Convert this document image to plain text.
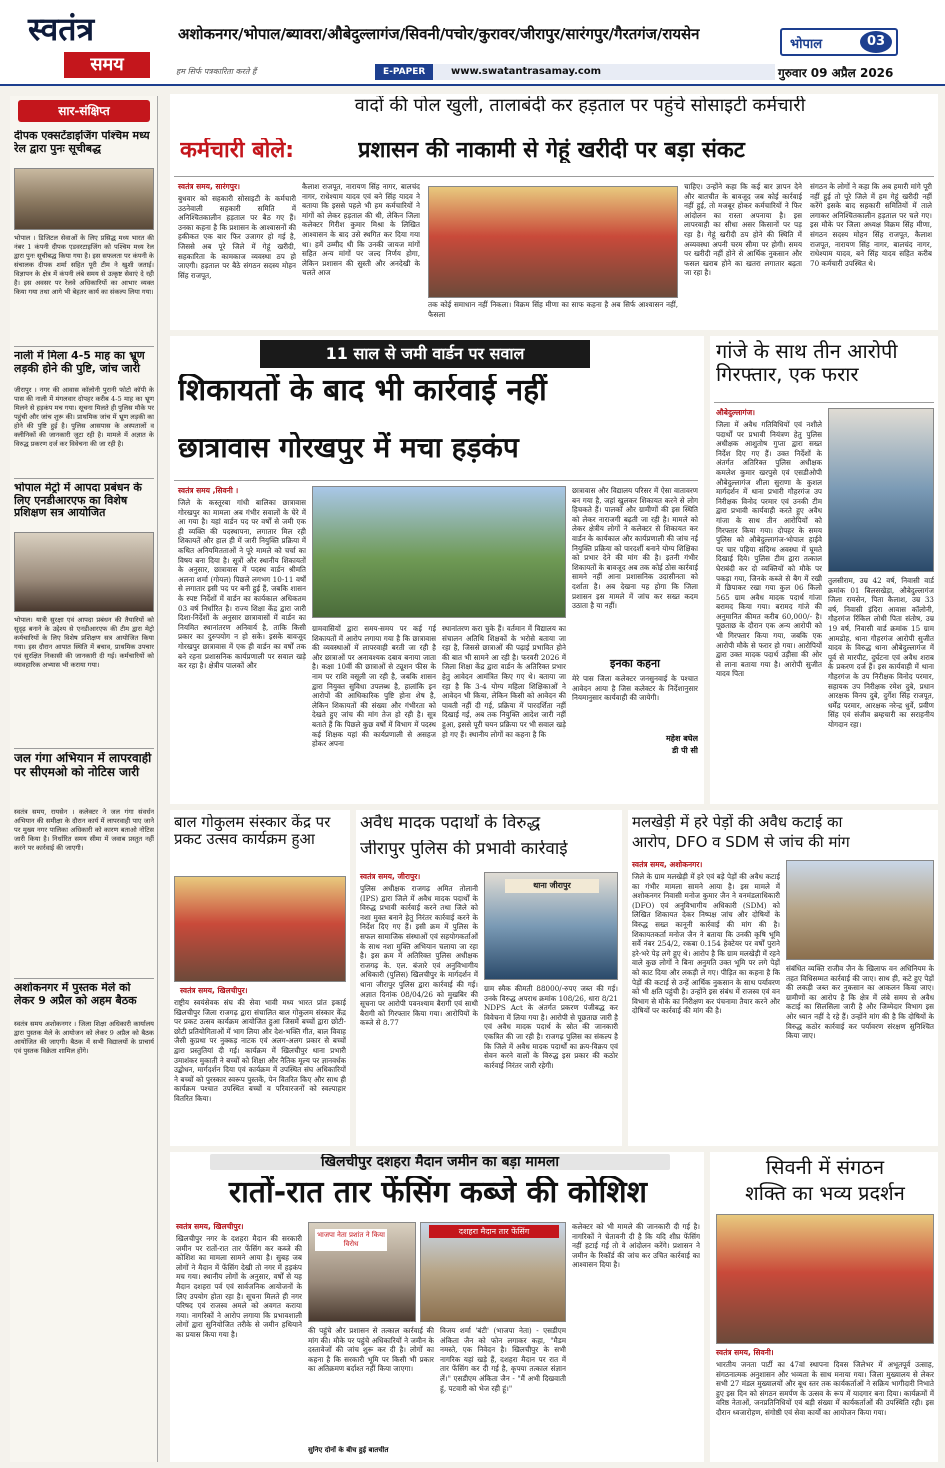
स्वतंत्र
समय	हम सिर्फ पत्रकारिता करते हैं
अशोकनगर/भोपाल/ब्यावरा/औबेदुल्लागंज/सिवनी/पचोर/कुरावर/जीरापुर/सारंगपुर/गैरतगंज/रायसेन
भोपाल	03
E-PAPER	www.swatantrasamay.com	गुरुवार 09 अप्रैल 2026
सार-संक्षिप्त
दीपक एक्सटेंडाइजिंग पश्चिम मध्य रेल द्वारा पुनः सूचीबद्ध
भोपाल । डिजिटल सेवाओं के लिए प्रसिद्ध मध्य भारत की नंबर 1 कंपनी दीपक एडवरटाइजिंग को पश्चिम मध्य रेल द्वारा पुनः सूचीबद्ध किया गया है। इस सफलता पर कंपनी के संचालक दीपक शर्मा सहित पूरी टीम ने खुशी जताई। विज्ञापन के क्षेत्र में कंपनी लंबे समय से उत्कृष्ट सेवाएं दे रही है। इस अवसर पर रेलवे अधिकारियों का आभार व्यक्त किया गया तथा आगे भी बेहतर कार्य का संकल्प लिया गया।
नाली में मिला 4-5 माह का भ्रूण लड़की होने की पुष्टि, जांच जारी
जीरापुर । नगर की आवास कॉलोनी पुरानी फोटो कॉपी के पास की नाली में मंगलवार दोपहर करीब 4-5 माह का भ्रूण मिलने से हड़कंप मच गया। सूचना मिलते ही पुलिस मौके पर पहुंची और जांच शुरू की। प्राथमिक जांच में भ्रूण लड़की का होने की पुष्टि हुई है। पुलिस आसपास के अस्पतालों व क्लीनिकों की जानकारी जुटा रही है। मामले में अज्ञात के विरुद्ध प्रकरण दर्ज कर विवेचना की जा रही है।
भोपाल मेट्रो में आपदा प्रबंधन के लिए एनडीआरएफ का विशेष प्रशिक्षण सत्र आयोजित
भोपाल। यात्री सुरक्षा एवं आपदा प्रबंधन की तैयारियों को सुदृढ़ बनाने के उद्देश्य से एनडीआरएफ की टीम द्वारा मेट्रो कर्मचारियों के लिए विशेष प्रशिक्षण सत्र आयोजित किया गया। इस दौरान आपात स्थिति में बचाव, प्राथमिक उपचार एवं सुरक्षित निकासी की जानकारी दी गई। कर्मचारियों को व्यावहारिक अभ्यास भी कराया गया।
जल गंगा अभियान में लापरवाही पर सीएमओ को नोटिस जारी
स्वतंत्र समय, रायसेन । कलेक्टर ने जल गंगा संवर्धन अभियान की समीक्षा के दौरान कार्य में लापरवाही पाए जाने पर मुख्य नगर पालिका अधिकारी को कारण बताओ नोटिस जारी किया है। निर्धारित समय सीमा में जवाब प्रस्तुत नहीं करने पर कार्रवाई की जाएगी।
अशोकनगर में पुस्तक मेले को लेकर 9 अप्रैल को अहम बैठक
स्वतंत्र समय अशोकनगर । जिला शिक्षा अधिकारी कार्यालय द्वारा पुस्तक मेले के आयोजन को लेकर 9 अप्रैल को बैठक आयोजित की जाएगी। बैठक में सभी विद्यालयों के प्राचार्य एवं पुस्तक विक्रेता शामिल होंगे।
वादों की पोल खुली, तालाबंदी कर हड़ताल पर पहुंचे सोसाइटी कर्मचारी
कर्मचारी बोले:	प्रशासन की नाकामी से गेहूं खरीदी पर बड़ा संकट
स्वतंत्र समय, सारंगपुर।
बुधवार को सहकारी सोसाइटी के कर्मचारी उठनेवाली सहकारी समिति में अनिश्चितकालीन हड़ताल पर बैठ गए हैं। उनका कहना है कि प्रशासन के आश्वासनों की हकीकत एक बार फिर उजागर हो गई है, जिससे अब पूरे जिले में गेहूं खरीदी, सहकारिता के कामकाज व्यवस्था ठप हो जाएगी। हड़ताल पर बैठे संगठन सदस्य मोहन सिंह राजपूत,
कैलाश राजपूत, नारायण सिंह नागर, बालचंद नागर, राधेश्याम यादव एवं बने सिंह यादव ने बताया कि इससे पहले भी हम कर्मचारियों ने मांगों को लेकर हड़ताल की थी, लेकिन जिला कलेक्टर गिरीश कुमार मिश्रा के लिखित आश्वासन के बाद उसे स्थगित कर दिया गया था। हमें उम्मीद थी कि उनकी जायज मांगों सहित अन्य मांगों पर जल्द निर्णय होगा, लेकिन प्रशासन की सुस्ती और अनदेखी के चलते आज
तक कोई समाधान नहीं निकला। विक्रम सिंह मीणा का साफ कहना है अब सिर्फ आश्वासन नहीं, फैसला
चाहिए। उन्होंने कहा कि कई बार ज्ञापन देने और बातचीत के बावजूद जब कोई कार्रवाई नहीं हुई, तो मजबूर होकर कर्मचारियों ने फिर आंदोलन का रास्ता अपनाया है। इस लापरवाही का सीधा असर किसानों पर पड़ रहा है। गेहूं खरीदी ठप होने की स्थिति में अव्यवस्था अपनी चरम सीमा पर होगी। समय पर खरीदी नहीं होने से आर्थिक नुकसान और फसल खराब होने का खतरा लगातार बढ़ता जा रहा है।
संगठन के लोगों ने कहा कि अब हमारी मांगे पूरी नहीं हुई तो पूरे जिले में हम गेहूं खरीदी नहीं करेंगे इसके बाद सहकारी समितियों में ताले लगाकर अनिश्चितकालीन हड़ताल पर चले गए। इस मौके पर जिला अध्यक्ष विक्रम सिंह मीणा, संगठन सदस्य मोहन सिंह राजपूत, कैलाश राजपूत, नारायण सिंह नागर, बालचंद नागर, राधेश्याम यादव, बने सिंह यादव सहित करीब 70 कर्मचारी उपस्थित थे।
11 साल से जमी वार्डन पर सवाल
शिकायतों के बाद भी कार्रवाई नहीं
छात्रावास गोरखपुर में मचा हड़कंप
स्वतंत्र समय ,सिवनी ।
जिले के कस्तूरबा गांधी बालिका छात्रावास गोरखपुर का मामला अब गंभीर सवालों के घेरे में आ गया है। यहां वार्डन पद पर वर्षों से जमी एक ही व्यक्ति की पदस्थापना, लगातार मिल रही शिकायतें और हाल ही में जारी नियुक्ति प्रक्रिया में कथित अनियमितताओं ने पूरे मामले को चर्चा का विषय बना दिया है। सूत्रों और स्थानीय शिकायतों के अनुसार, छात्रावास में पदस्थ वार्डन श्रीमति अलना शर्मा (गोयल) पिछले लगभग 10-11 वर्षों से लगातार इसी पद पर बनी हुई हैं, जबकि शासन के स्पष्ट निर्देशों में वार्डन का कार्यकाल अधिकतम 03 वर्ष निर्धारित है। राज्य शिक्षा केंद्र द्वारा जारी दिशा-निर्देशों के अनुसार छात्रावासों में वार्डन का नियमित स्थानांतरण अनिवार्य है, ताकि किसी प्रकार का दुरुपयोग न हो सके। इसके बावजूद गोरखपुर छात्रावास में एक ही वार्डन का वर्षों तक बने रहना प्रशासनिक कार्यप्रणाली पर सवाल खड़े कर रहा है। क्षेत्रीय पालकों और
ग्रामवासियों द्वारा समय-समय पर कई गई शिकायतों में आरोप लगाया गया है कि छात्रावास की व्यवस्थाओं में लापरवाही बरती जा रही है और छात्राओं पर अनावश्यक दबाव बनाया जाता है। कक्षा 10वीं की छात्राओं से ट्यूशन फीस के नाम पर राशि वसूली जा रही है, जबकि शासन द्वारा नियुक्त सुविधा उपलब्ध है, हालांकि इन आरोपों की आधिकारिक पुष्टि होना शेष है, लेकिन शिकायतों की संख्या और गंभीरता को देखते हुए जांच की मांग तेज हो रही है। सूत्र बताते हैं कि पिछले कुछ वर्षों में विभाग में पदस्थ कई शिक्षक यहां की कार्यप्रणाली से असहज होकर अपना
स्थानांतरण करा चुके हैं। वर्तमान में विद्यालय का संचालन अतिथि शिक्षकों के भरोसे बताया जा रहा है, जिससे छात्राओं की पढ़ाई प्रभावित होने की बात भी सामने आ रही है। फरवरी 2026 में जिला शिक्षा केंद्र द्वारा वार्डन के अतिरिक्त प्रभार हेतु आवेदन आमंत्रित किए गए थे। बताया जा रहा है कि 3-4 योग्य महिला शिक्षिकाओं ने आवेदन भी किया, लेकिन किसी को आवेदन की पावती नहीं दी गई, प्रक्रिया में पारदर्शिता नहीं दिखाई गई, अब तक नियुक्ति आदेश जारी नहीं हुआ, इससे पूरी चयन प्रक्रिया पर भी सवाल खड़े हो गए हैं। स्थानीय लोगों का कहना है कि
छात्रावास और विद्यालय परिसर में ऐसा वातावरण बन गया है, जहां खुलकर शिकायत करने से लोग हिचकते हैं। पालकों और ग्रामीणों की इस स्थिति को लेकर नाराजगी बढ़ती जा रही है। मामले को लेकर क्षेत्रीय लोगों ने कलेक्टर से शिकायत कर वार्डन के कार्यकाल और कार्यप्रणाली की जांच नई नियुक्ति प्रक्रिया को पारदर्शी बनाने योग्य शिक्षिका को प्रभार देने की मांग की है। इतनी गंभीर शिकायतों के बावजूद अब तक कोई ठोस कार्रवाई सामने नहीं आना प्रशासनिक उदासीनता को दर्शाता है। अब देखना यह होगा कि जिला प्रशासन इस मामले में जांच कर सख्त कदम उठाता है या नहीं।
इनका कहना
मेरे पास जिला कलेक्टर जनसुनवाई के पश्चात आवेदन आया है जिस कलेक्टर के निर्देशानुसार नियमानुसार कार्यवाही की जायेगी।
महेश बघेल
डी पी सी
गांजे के साथ तीन आरोपी गिरफ्तार, एक फरार
औबेदुल्लागंज।
जिला में अवैध गतिविधियों एवं नशीले पदार्थों पर प्रभावी नियंत्रण हेतु पुलिस अधीक्षक आशुतोष गुप्ता द्वारा सख्त निर्देश दिए गए हैं। उक्त निर्देशों के अंतर्गत अतिरिक्त पुलिस अधीक्षक कमलेश कुमार खरपुसे एवं एसडीओपी औबेदुल्लागंज शीला सुराणा के कुशल मार्गदर्शन में थाना प्रभारी गौहरगंज उप निरीक्षक विनोद परमार एवं उनकी टीम द्वारा प्रभावी कार्यवाही करते हुए अवैध गांजा के साथ तीन आरोपियों को गिरफ्तार किया गया। दोपहर के समय पुलिस को औबेदुल्लागंज-भोपाल हाईवे पर चार पहिया संदिग्ध अवस्था में घूमते दिखाई दिये। पुलिस टीम द्वारा तत्काल घेराबंदी कर दो व्यक्तियों को मौके पर पकड़ा गया, जिनके कब्जे से बैग में रखी में छिपाकर रखा गया कुल 06 किलो 565 ग्राम अवैध मादक पदार्थ गांजा बरामद किया गया। बरामद गांजे की अनुमानित कीमत करीब 60,000/- है। पूछताछ के दौरान एक अन्य आरोपी को भी गिरफ्तार किया गया, जबकि एक आरोपी मौके से फरार हो गया। आरोपियों द्वारा उक्त मादक पदार्थ उड़ीसा की ओर से लाना बताया गया है। आरोपी सुजीत यादव पिता
तुलसीराम, उम्र 42 वर्ष, निवासी वार्ड क्रमांक 01 बिलसखेड़ा, औबेदुल्लागंज जिला रायसेन, पिता कैलाश, उम्र 33 वर्ष, निवासी इंदिरा आवास कॉलोनी, गौहरगंज रिंकिल लोधी पिता संतोष, उम्र 19 वर्ष, निवासी वार्ड क्रमांक 15 ग्राम आमडोह, थाना गौहरगंज आरोपी सुजीत यादव के विरुद्ध थाना औबेदुल्लागंज में पूर्व से मारपीट, दुर्घटना एवं अवैध शराब के प्रकरण दर्ज हैं। इस कार्यवाही में थाना गौहरगंज के उप निरीक्षक विनोद परमार, सहायक उप निरीक्षक रमेश दुबे, प्रधान आरक्षक विनय दुबे, दुर्गेश सिंह राजपूत, धर्मेंद्र परमार, आरक्षक नरेन्द्र धुर्वे, प्रवीण सिंह एवं संजीव ब्रम्हचारी का सराहनीय योगदान रहा।
बाल गोकुलम संस्कार केंद्र पर प्रकट उत्सव कार्यक्रम हुआ
स्वतंत्र समय, खिलचीपुर।
राष्ट्रीय स्वयंसेवक संघ की सेवा भावी मध्य भारत प्रांत इकाई खिलचीपुर जिला राजगढ़ द्वारा संचालित बाल गोकुलम संस्कार केंद्र पर प्रकट उत्सव कार्यक्रम आयोजित हुआ जिसमें बच्चों द्वारा छोटी-छोटी प्रतियोगिताओं में भाग लिया और देश-भक्ति गीत, बाल विवाह जैसी कुप्रथा पर नुक्कड़ नाटक एवं अलग-अलग प्रकार से बच्चों द्वारा प्रस्तुतियां दी गई। कार्यक्रम में खिलचीपुर थाना प्रभारी उमाशंकर मुकाती ने बच्चों को शिक्षा और नैतिक मूल्य पर ज्ञानवर्धक उद्बोधन, मार्गदर्शन दिया एवं कार्यक्रम में उपस्थित संघ अधिकारियों ने बच्चों को पुरस्कार स्वरूप पुस्तकें, पेन वितरित किए और साथ ही कार्यक्रम पश्चात उपस्थित बच्चों व परिवारजनों को स्वल्पाहार वितरित किया।
अवैध मादक पदार्थों के विरुद्ध
जीरापुर पुलिस की प्रभावी कार्रवाई
स्वतंत्र समय, जीरापुर।
पुलिस अधीक्षक राजगढ़ अमित तोलानी (IPS) द्वारा जिले में अवैध मादक पदार्थों के विरुद्ध प्रभावी कार्रवाई करने तथा जिले को नशा मुक्त बनाने हेतु निरंतर कार्रवाई करने के निर्देश दिए गए हैं। इसी क्रम में पुलिस के सफल सामाजिक संस्थाओं एवं सहयोगकर्ताओं के साथ नशा मुक्ति अभियान चलाया जा रहा है। इस क्रम में अतिरिक्त पुलिस अधीक्षक राजगढ़ के. एल. बंजारे एवं अनुविभागीय अधिकारी (पुलिस) खिलचीपुर के मार्गदर्शन में थाना जीरापुर पुलिस द्वारा कार्रवाई की गई। अज्ञात दिनांक 08/04/26 को मुखबिर की सूचना पर आरोपी पवनश्याम बैरागी एवं साथी बैरागी को गिरफ्तार किया गया। आरोपियों के कब्जे से 8.77
थाना जीरापुर
ग्राम स्मैक कीमती 88000/-रुपए जब्त की गई। उनके विरुद्ध अपराध क्रमांक 108/26, धारा 8/21 NDPS Act के अंतर्गत प्रकरण पंजीबद्ध कर विवेचना में लिया गया है। आरोपी से पूछताछ जारी है एवं अवैध मादक पदार्थ के स्रोत की जानकारी एकत्रित की जा रही है। राजगढ़ पुलिस का संकल्प है कि जिले में अवैध मादक पदार्थों का क्रय-विक्रय एवं सेवन करने वालों के विरुद्ध इस प्रकार की कठोर कार्रवाई निरंतर जारी रहेगी।
मलखेड़ी में हरे पेड़ों की अवैध कटाई का
आरोप, DFO व SDM से जांच की मांग
स्वतंत्र समय, अशोकनगर।
जिले के ग्राम मलखेड़ी में हरे एवं बड़े पेड़ों की अवैध कटाई का गंभीर मामला सामने आया है। इस मामले में अशोकनगर निवासी मनोज कुमार जैन ने वनमंडलाधिकारी (DFO) एवं अनुविभागीय अधिकारी (SDM) को लिखित शिकायत देकर निष्पक्ष जांच और दोषियों के विरुद्ध सख्त कानूनी कार्रवाई की मांग की है। शिकायतकर्ता मनोज जैन ने बताया कि उनकी कृषि भूमि सर्वे नंबर 254/2, रकबा 0.154 हेक्टेयर पर वर्षों पुराने हरे-भरे पेड़ लगे हुए थे। आरोप है कि ग्राम मलखेड़ी में रहने वाले कुछ लोगों ने बिना अनुमति उक्त भूमि पर लगे पेड़ों को काट दिया और लकड़ी ले गए। पीड़ित का कहना है कि पेड़ों की कटाई से उन्हें आर्थिक नुकसान के साथ पर्यावरण को भी क्षति पहुंची है। उन्होंने इस संबंध में राजस्व एवं वन विभाग से मौके का निरीक्षण कर पंचनामा तैयार करने और दोषियों पर कार्रवाई की मांग की है।
संबंधित व्यक्ति राजीव जैन के खिलाफ वन अधिनियम के तहत विधिसम्मत कार्रवाई की जाए। साथ ही, कटे हुए पेड़ों की लकड़ी जब्त कर नुकसान का आकलन किया जाए। ग्रामीणों का आरोप है कि क्षेत्र में लंबे समय से अवैध कटाई का सिलसिला जारी है और जिम्मेदार विभाग इस ओर ध्यान नहीं दे रहे हैं। उन्होंने मांग की है कि दोषियों के विरुद्ध कठोर कार्रवाई कर पर्यावरण संरक्षण सुनिश्चित किया जाए।
खिलचीपुर दशहरा मैदान जमीन का बड़ा मामला
रातों-रात तार फेंसिंग कब्जे की कोशिश
स्वतंत्र समय, खिलचीपुर।
खिलचीपुर नगर के दशहरा मैदान की सरकारी जमीन पर रातों-रात तार फेंसिंग कर कब्जे की कोशिश का मामला सामने आया है। सुबह जब लोगों ने मैदान में फेंसिंग देखी तो नगर में हड़कंप मच गया। स्थानीय लोगों के अनुसार, वर्षों से यह मैदान दशहरा पर्व एवं सार्वजनिक आयोजनों के लिए उपयोग होता रहा है। सूचना मिलते ही नगर परिषद एवं राजस्व अमले को अवगत कराया गया। नागरिकों ने आरोप लगाया कि प्रभावशाली लोगों द्वारा सुनियोजित तरीके से जमीन हथियाने का प्रयास किया गया है।
भाजपा नेता प्रशांत ने किया विरोध
दशहरा मैदान तार फेंसिंग
की पहुंचे और प्रशासन से तत्काल कार्रवाई की मांग की। मौके पर पहुंचे अधिकारियों ने जमीन के दस्तावेजों की जांच शुरू कर दी है। लोगों का कहना है कि सरकारी भूमि पर किसी भी प्रकार का अतिक्रमण बर्दाश्त नहीं किया जाएगा।
सुनिए दोनों के बीच हुई बातचीत
विजय शर्मा 'बंटी' (भाजपा नेता) - एसडीएम अंकिता जैन को फोन लगाकर कहा, "मैडम नमस्ते, एक निवेदन है। खिलचीपुर के सभी नागरिक यहां खड़े हैं, दशहरा मैदान पर रात में तार फेंसिंग कर दी गई है, कृपया तत्काल संज्ञान लें।" एसडीएम अंकिता जैन - "मैं अभी दिखवाती हूं, पटवारी को भेज रही हूं।"
कलेक्टर को भी मामले की जानकारी दी गई है। नागरिकों ने चेतावनी दी है कि यदि शीघ्र फेंसिंग नहीं हटाई गई तो वे आंदोलन करेंगे। प्रशासन ने जमीन के रिकॉर्ड की जांच कर उचित कार्रवाई का आश्वासन दिया है।
सिवनी में संगठन
शक्ति का भव्य प्रदर्शन
स्वतंत्र समय, सिवनी।
भारतीय जनता पार्टी का 47वां स्थापना दिवस जिलेभर में अभूतपूर्व उत्साह, संगठनात्मक अनुशासन और भव्यता के साथ मनाया गया। जिला मुख्यालय से लेकर सभी 27 मंडल मुख्यालयों और बूथ स्तर तक कार्यकर्ताओं ने सक्रिय भागीदारी निभाते हुए इस दिन को संगठन समर्पण के उत्सव के रूप में यादगार बना दिया। कार्यक्रमों में वरिष्ठ नेताओं, जनप्रतिनिधियों एवं बड़ी संख्या में कार्यकर्ताओं की उपस्थिति रही। इस दौरान ध्वजारोहण, संगोष्ठी एवं सेवा कार्यों का आयोजन किया गया।
